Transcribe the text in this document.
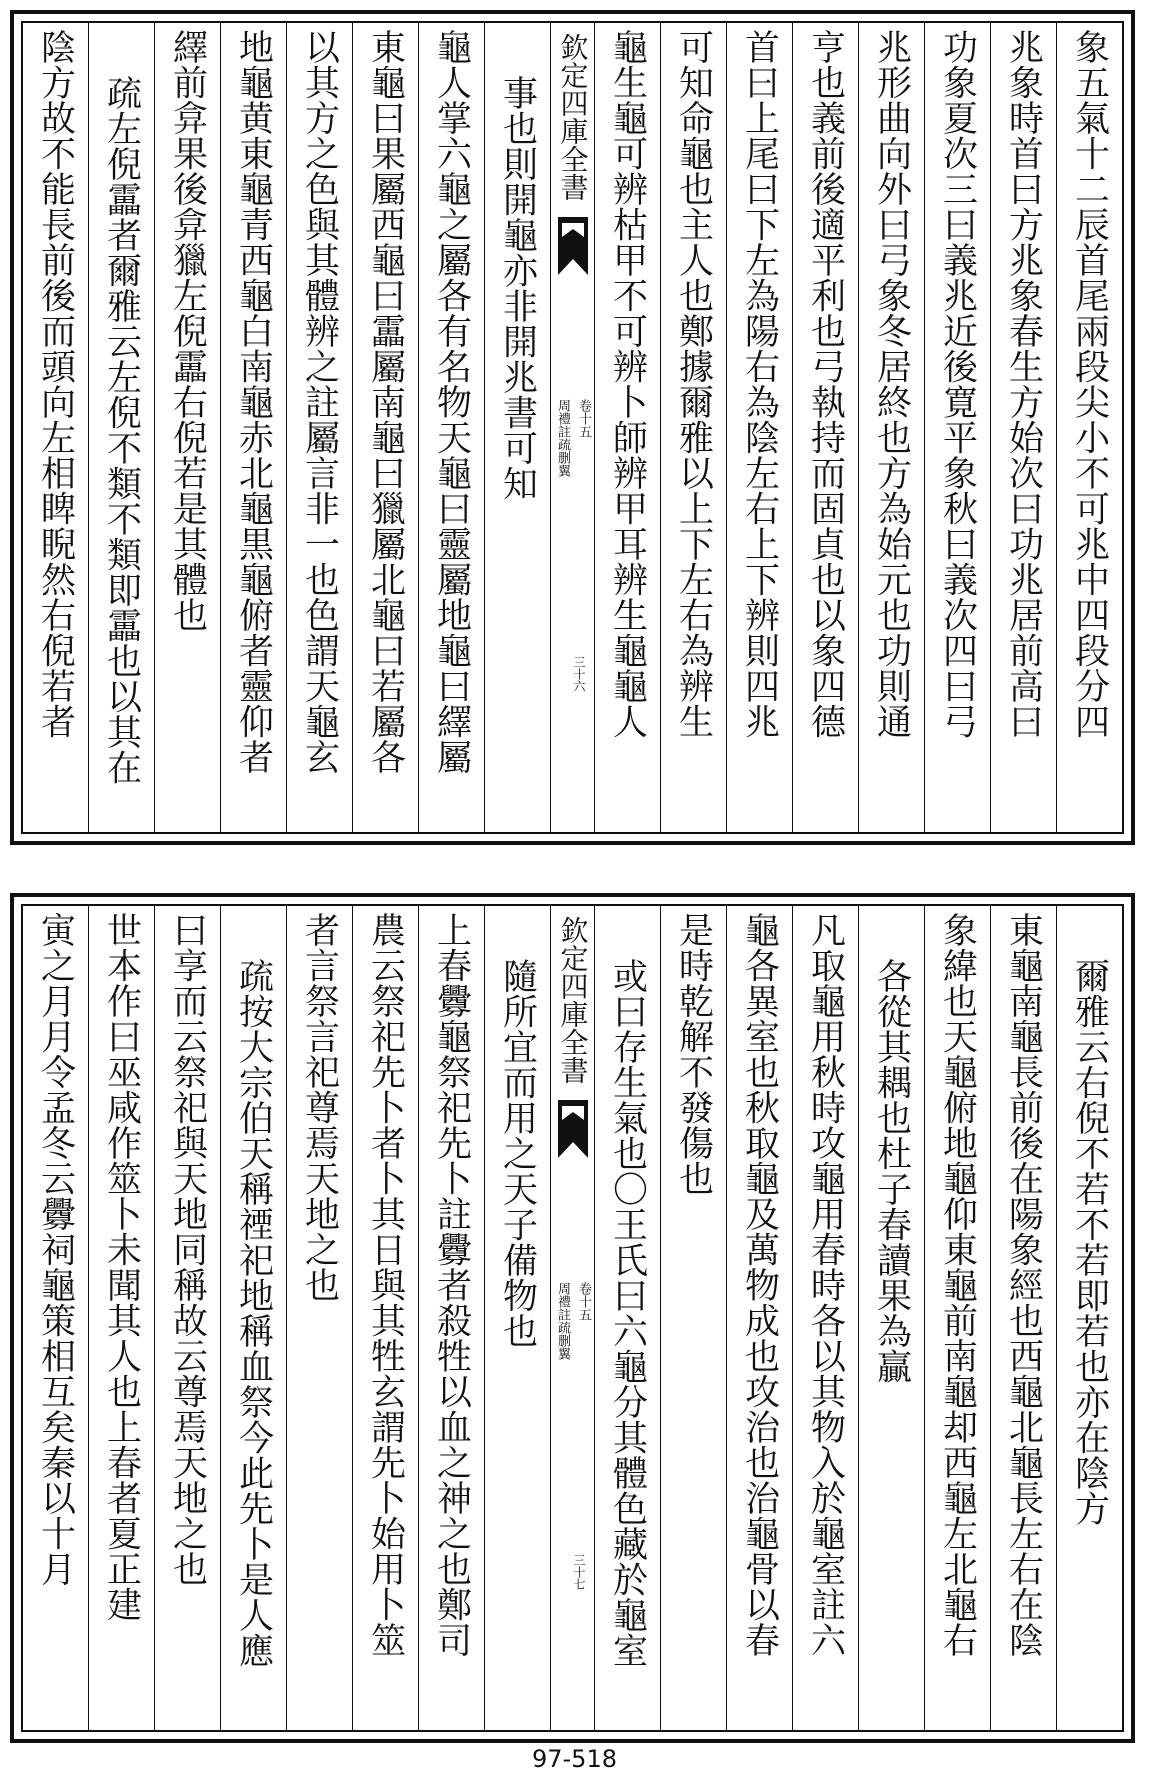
象五氣十二辰首尾兩段尖小不可兆中四段分四
兆象時首曰方兆象春生方始次曰功兆居前高曰
功象夏次三曰義兆近後寛平象秋曰義次四曰弓
兆形曲向外曰弓象冬居終也方為始元也功則通
亨也義前後適平利也弓執持而固貞也以象四德
首曰上尾曰下左為陽右為陰左右上下辨則四兆
可知命龜也主人也鄭據爾雅以上下左右為辨生
龜生龜可辨枯甲不可辨卜師辨甲耳辨生龜龜人
欽定四庫全書
周禮註疏删翼 卷十五
三十六
事也則開龜亦非開兆書可知
龜人掌六龜之屬各有名物天龜曰靈屬地龜曰繹屬
東龜曰果屬西龜曰靁屬南龜曰獵屬北龜曰若屬各
以其方之色與其體辨之註屬言非一也色謂天龜玄
地龜黄東龜青西龜白南龜赤北龜黒龜俯者靈仰者
繹前弇果後弇獵左倪靁右倪若是其體也
疏左倪靁者爾雅云左倪不類不類即靁也以其在
陰方故不能長前後而頭向左相睥睨然右倪若者
爾雅云右倪不若不若即若也亦在陰方
東龜南龜長前後在陽象經也西龜北龜長左右在陰
象緯也天龜俯地龜仰東龜前南龜却西龜左北龜右
各從其耦也杜子春讀果為贏
凡取龜用秋時攻龜用春時各以其物入於龜室註六
龜各異室也秋取龜及萬物成也攻治也治龜骨以春
是時乾解不發傷也
或曰存生氣也〇王氏曰六龜分其體色藏於龜室
欽定四庫全書
周禮註疏删翼 卷十五
三十七
隨所宜而用之天子備物也
上春釁龜祭祀先卜註釁者殺牲以血之神之也鄭司
農云祭祀先卜者卜其日與其牲玄謂先卜始用卜筮
者言祭言祀尊焉天地之也
疏按大宗伯天稱禋祀地稱血祭今此先卜是人應
曰享而云祭祀與天地同稱故云尊焉天地之也
世本作曰巫咸作筮卜未聞其人也上春者夏正建
寅之月月令孟冬云釁祠龜策相互矣秦以十月
97-518
